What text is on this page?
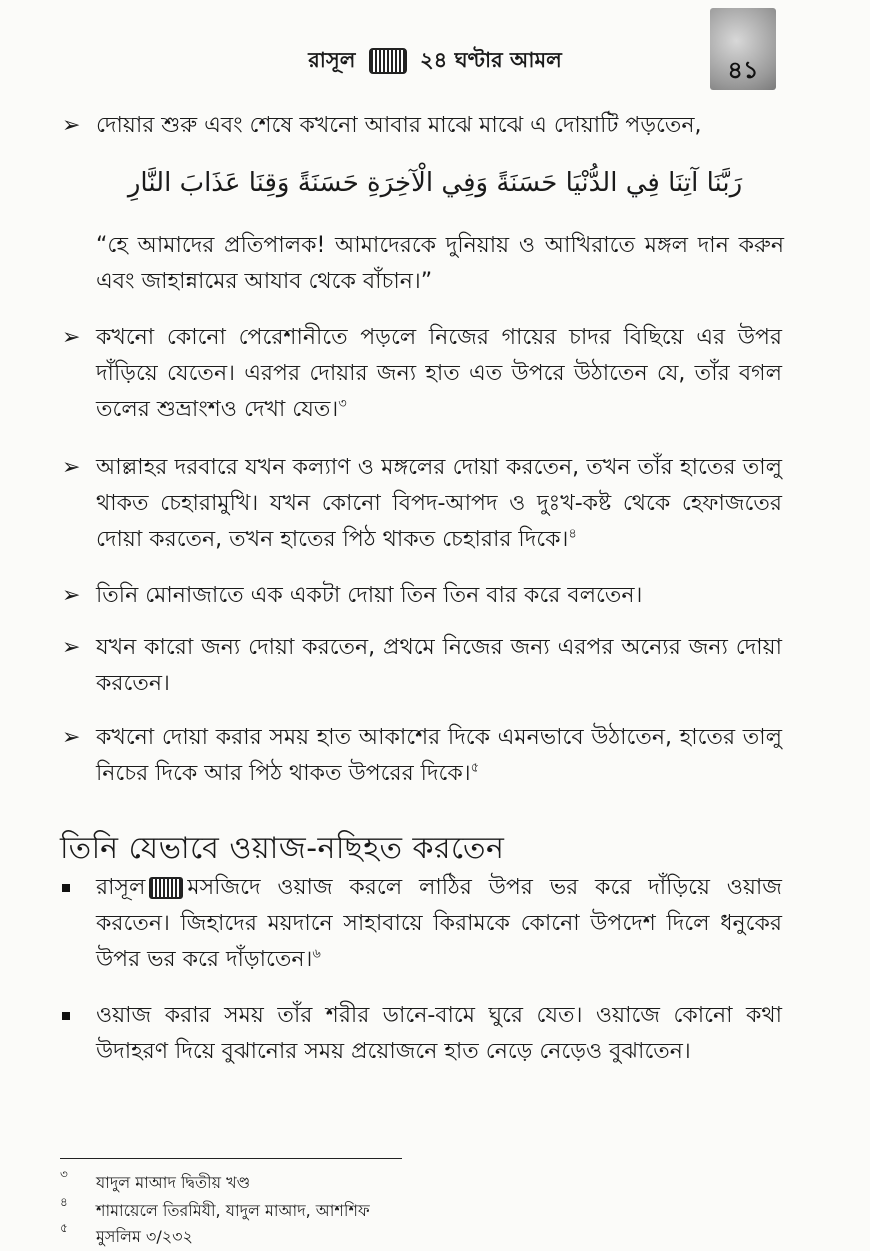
রাসূল	২৪ ঘণ্টার আমল	৪১
➢ দোয়ার শুরু এবং শেষে কখনো আবার মাঝে মাঝে এ দোয়াটি পড়তেন,
رَبَّنَا آتِنَا فِي الدُّنْيَا حَسَنَةً وَفِي الْآخِرَةِ حَسَنَةً وَقِنَا عَذَابَ النَّارِ
“হে আমাদের প্রতিপালক! আমাদেরকে দুনিয়ায় ও আখিরাতে মঙ্গল দান করুন এবং জাহান্নামের আযাব থেকে বাঁচান।”
➢ কখনো কোনো পেরেশানীতে পড়লে নিজের গায়ের চাদর বিছিয়ে এর উপর দাঁড়িয়ে যেতেন। এরপর দোয়ার জন্য হাত এত উপরে উঠাতেন যে, তাঁর বগল তলের শুভ্রাংশও দেখা যেত।$^৩$
➢ আল্লাহর দরবারে যখন কল্যাণ ও মঙ্গলের দোয়া করতেন, তখন তাঁর হাতের তালু থাকত চেহারামুখি। যখন কোনো বিপদ-আপদ ও দুঃখ-কষ্ট থেকে হেফাজতের দোয়া করতেন, তখন হাতের পিঠ থাকত চেহারার দিকে।$^৪$
➢ তিনি মোনাজাতে এক একটা দোয়া তিন তিন বার করে বলতেন।
➢ যখন কারো জন্য দোয়া করতেন, প্রথমে নিজের জন্য এরপর অন্যের জন্য দোয়া করতেন।
➢ কখনো দোয়া করার সময় হাত আকাশের দিকে এমনভাবে উঠাতেন, হাতের তালু নিচের দিকে আর পিঠ থাকত উপরের দিকে।$^৫$
তিনি যেভাবে ওয়াজ-নছিহত করতেন
রাসূল মসজিদে ওয়াজ করলে লাঠির উপর ভর করে দাঁড়িয়ে ওয়াজ করতেন। জিহাদের ময়দানে সাহাবায়ে কিরামকে কোনো উপদেশ দিলে ধনুকের উপর ভর করে দাঁড়াতেন।$^৬$
ওয়াজ করার সময় তাঁর শরীর ডানে-বামে ঘুরে যেত। ওয়াজে কোনো কথা উদাহরণ দিয়ে বুঝানোর সময় প্রয়োজনে হাত নেড়ে নেড়েও বুঝাতেন।
৩ যাদুল মাআদ দ্বিতীয় খণ্ড
৪ শামায়েলে তিরমিযী, যাদুল মাআদ, আশশিফ
৫ মুসলিম ৩/২৩২
